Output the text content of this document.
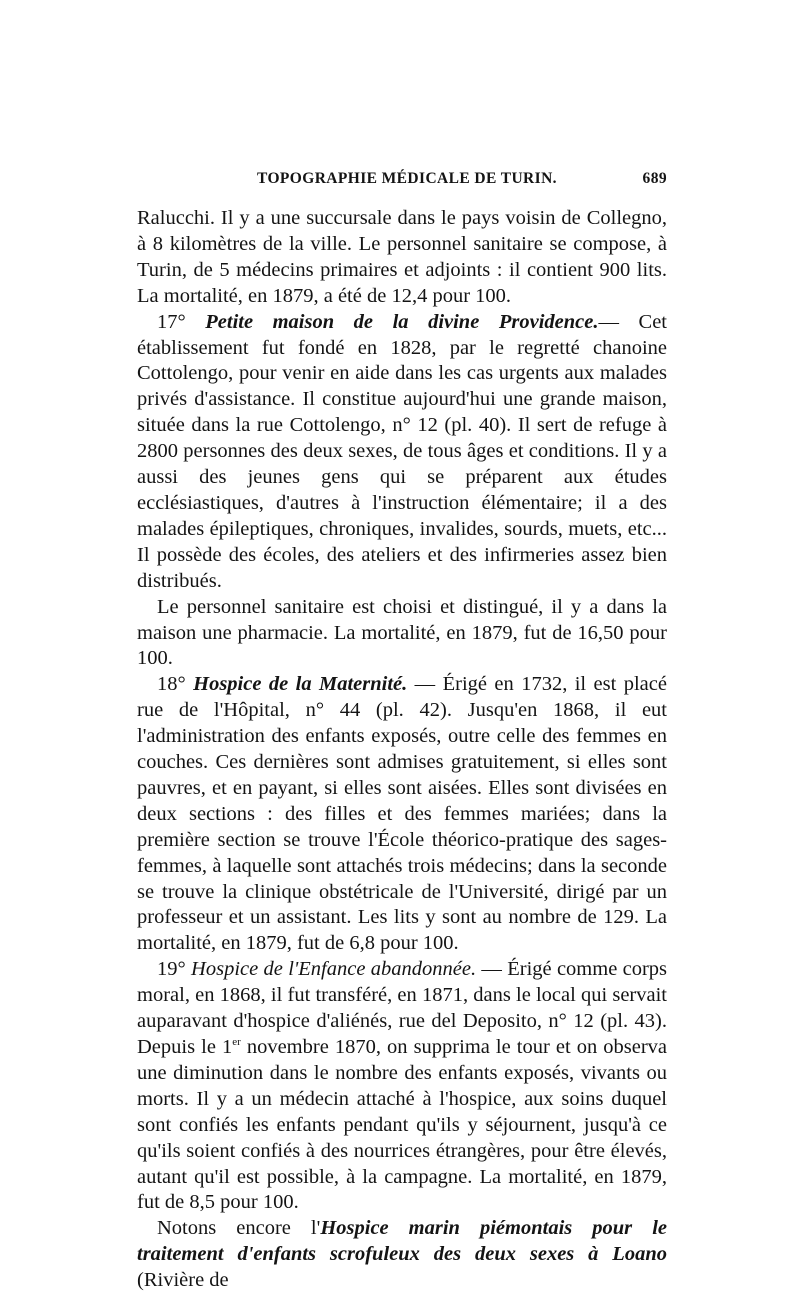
TOPOGRAPHIE MÉDICALE DE TURIN.	689

Ralucchi. Il y a une succursale dans le pays voisin de Collegno, à 8 kilomètres de la ville. Le personnel sanitaire se compose, à Turin, de 5 médecins primaires et adjoints : il contient 900 lits. La mortalité, en 1879, a été de 12,4 pour 100.

17° Petite maison de la divine Providence.— Cet établissement fut fondé en 1828, par le regretté chanoine Cottolengo, pour venir en aide dans les cas urgents aux malades privés d'assistance. Il constitue aujourd'hui une grande maison, située dans la rue Cottolengo, n° 12 (pl. 40). Il sert de refuge à 2800 personnes des deux sexes, de tous âges et conditions. Il y a aussi des jeunes gens qui se préparent aux études ecclésiastiques, d'autres à l'instruction élémentaire; il a des malades épileptiques, chroniques, invalides, sourds, muets, etc... Il possède des écoles, des ateliers et des infirmeries assez bien distribués.

Le personnel sanitaire est choisi et distingué, il y a dans la maison une pharmacie. La mortalité, en 1879, fut de 16,50 pour 100.

18° Hospice de la Maternité. — Érigé en 1732, il est placé rue de l'Hôpital, n° 44 (pl. 42). Jusqu'en 1868, il eut l'administration des enfants exposés, outre celle des femmes en couches. Ces dernières sont admises gratuitement, si elles sont pauvres, et en payant, si elles sont aisées. Elles sont divisées en deux sections : des filles et des femmes mariées; dans la première section se trouve l'École théorico-pratique des sages-femmes, à laquelle sont attachés trois médecins; dans la seconde se trouve la clinique obstétricale de l'Université, dirigé par un professeur et un assistant. Les lits y sont au nombre de 129. La mortalité, en 1879, fut de 6,8 pour 100.

19° Hospice de l'Enfance abandonnée. — Érigé comme corps moral, en 1868, il fut transféré, en 1871, dans le local qui servait auparavant d'hospice d'aliénés, rue del Deposito, n° 12 (pl. 43). Depuis le 1er novembre 1870, on supprima le tour et on observa une diminution dans le nombre des enfants exposés, vivants ou morts. Il y a un médecin attaché à l'hospice, aux soins duquel sont confiés les enfants pendant qu'ils y séjournent, jusqu'à ce qu'ils soient confiés à des nourrices étrangères, pour être élevés, autant qu'il est possible, à la campagne. La mortalité, en 1879, fut de 8,5 pour 100.

Notons encore l'Hospice marin piémontais pour le traitement d'enfants scrofuleux des deux sexes à Loano (Rivière de
